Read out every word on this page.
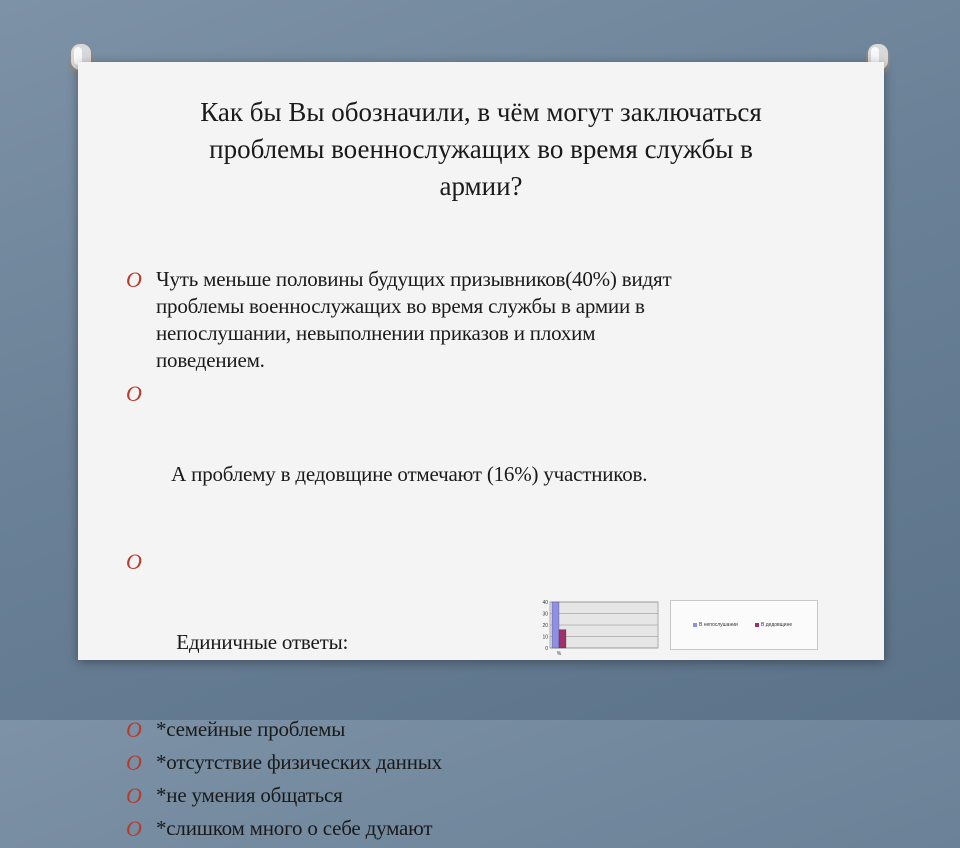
Как бы Вы обозначили, в чём могут заключаться
проблемы военнослужащих во время службы в
армии?
O Чуть меньше половины будущих призывников(40%) видят
проблемы военнослужащих во время службы в армии в
непослушании, невыполнении приказов и плохим
поведением.

O

А проблему в дедовщине отмечают (16%) участников.

O

Единичные ответы:

O *семейные проблемы
O *отсутствие физических данных
O *не умения общаться
O *слишком много о себе думают
40
30
20
10
0
%
В непослушании	В дедовщине
